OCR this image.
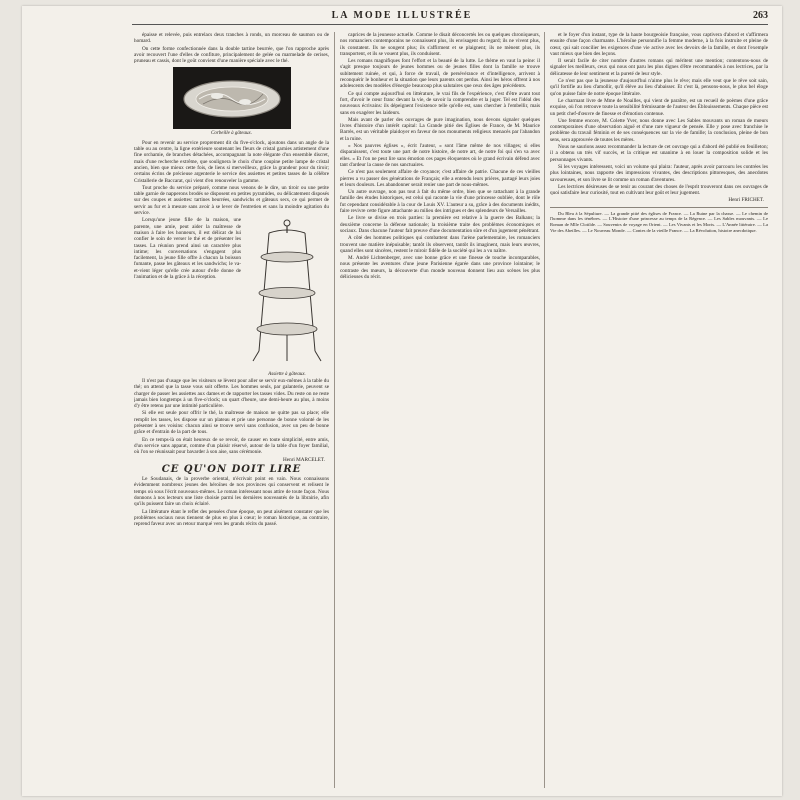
LA MODE ILLUSTRÉE	263

épaisse et relevée, puis entrelacs deux tranches à ronds, un morceau de saumon ou de homard.

On cette forme confectionnée dans la double tartine beurrée, que l'on rapproche après avoir recouvert l'une d'elles de confiture, principalement de gelée ou marmelade de cerises, pruneau et cassis, dont le goût convient d'une manière spéciale avec le thé.

Corbeille à gâteaux.

Pour en revenir au service proprement dit du five-o'clock, ajoutons dans un angle de la table ou au centre, la ligne extérieure soutenant les fleurs de cristal garnies artistement d'une fine orchamie, de branches détachées, accompagnant la note élégante d'un ensemble discret, mais d'une recherche extrême, que soulignera le choix d'une coupine petite lampe de cristal ancien, bien que mieux cette fois, de liens si merveilleux, grâce la grandeur pour du tiroir; certains écrins de précieuse argenterie le service des assiettes et petites tasses de la célèbre Cristallerie de Baccarat, qui vient d'en renouveler la gamme.

Tout proche du service préparé, comme nous venons de le dire, un tiroir ou une petite table garnie de napperons brodés se disposent en petites pyramides, ou délicatement disposés sur des coupes et assiettes: tartines beurrées, sandwichs et gâteaux secs, ce qui permet de servir au fur et à mesure sans avoir à se lever de l'entretien et sans la moindre agitation du service.

Lorsqu'une jeune fille de la maison, une parente, une amie, peut aider la maîtresse de maison à faire les honneurs, il est délicat de lui confier le soin de verser le thé et de présenter les tasses. La réunion prend ainsi un caractère plus intime; les conversations s'engagent plus facilement, la jeune fille offre à chacun la boisson fumante, passe les gâteaux et les sandwichs; le va-et-vient léger qu'elle crée autour d'elle donne de l'animation et de la grâce à la réception.

Assiette à gâteaux.

Il n'est pas d'usage que les visiteurs se lèvent pour aller se servir eux-mêmes à la table du thé; on attend que la tasse vous soit offerte. Les hommes seuls, par galanterie, peuvent se charger de passer les assiettes aux dames et de rapporter les tasses vides. Du reste on ne reste jamais bien longtemps à un five-o'clock; un quart d'heure, une demi-heure au plus, à moins d'y être retenu par une intimité particulière.

Si elle est seule pour offrir le thé, la maîtresse de maison ne quitte pas sa place; elle remplit les tasses, les dispose sur un plateau et prie une personne de bonne volonté de les présenter à ses voisins: chacun ainsi se trouve servi sans confusion, avec un peu de bonne grâce et d'entrain de la part de tous.

En ce temps-là on était heureux de se revoir, de causer en toute simplicité, entre amis, d'un service sans apparat, comme d'un plaisir réservé, autour de la table d'un foyer familial, où l'on se réunissait pour bavarder à son aise, sans cérémonie.

Henri MARCELET.
CE QU'ON DOIT LIRE

Le Soudanais, de la proverbe oriental, n'écrivait point en vain. Nous connaissons évidemment nombreux jeunes des héroïnes de nos provinces qui conservent et relisent le temps où sous l'écrit nouveaux-mêmes. Le roman intéressant nous attire de toute façon. Nous donnons à nos lecteurs une liste choisie parmi les dernières nouveautés de la librairie, afin qu'ils puissent faire un choix éclairé.

La littérature étant le reflet des pensées d'une époque, on peut aisément constater que les problèmes sociaux nous tiennent de plus en plus à cœur; le roman historique, au contraire, reprend faveur avec un retour marqué vers les grands récits du passé.

caprices de la jeunesse actuelle. Comme le disait déconcertés les ou quelques chroniqueurs, nos romanciers contemporains ne connaissent plus, ils envisagent du regard; ils ne vivent plus, ils constatent. Ils ne songent plus; ils s'affirment et se plaignent; ils ne mènent plus, ils transportent, et ils se vouent plus, ils conduisent.

Les romans magnifiques font l'effort et la beauté de la lutte. Le thème en vaut la peine: il s'agit presque toujours de jeunes hommes ou de jeunes filles dont la famille se trouve subitement ruinée, et qui, à force de travail, de persévérance et d'intelligence, arrivent à reconquérir le bonheur et la situation que leurs parents ont perdus. Ainsi les héros offrent à nos adolescents des modèles d'énergie beaucoup plus salutaires que ceux des âges précédents.

Ce qui compte aujourd'hui en littérature, le vrai fils de l'expérience, c'est d'être avant tout fort, d'avoir le cœur franc devant la vie, de savoir la comprendre et la juger. Tel est l'idéal des nouveaux écrivains: ils dépeignent l'existence telle qu'elle est, sans chercher à l'embellir, mais sans en exagérer les laideurs.

Mais avant de parler des ouvrages de pure imagination, nous devons signaler quelques livres d'histoire d'un intérêt capital: La Grande pitié des Églises de France, de M. Maurice Barrès, est un véritable plaidoyer en faveur de nos monuments religieux menacés par l'abandon et la ruine.

« Nos pauvres églises », écrit l'auteur, « sont l'âme même de nos villages; si elles disparaissent, c'est toute une part de notre histoire, de notre art, de notre foi qui s'en va avec elles. » Et l'on ne peut lire sans émotion ces pages éloquentes où le grand écrivain défend avec tant d'ardeur la cause de nos sanctuaires.

Ce n'est pas seulement affaire de croyance; c'est affaire de patrie. Chacune de ces vieilles pierres a vu passer des générations de Français; elle a entendu leurs prières, partagé leurs joies et leurs douleurs. Les abandonner serait renier une part de nous-mêmes.

Un autre ouvrage, non pas tout à fait du même ordre, bien que se rattachant à la grande famille des études historiques, est celui qui raconte la vie d'une princesse oubliée, dont le rôle fut cependant considérable à la cour de Louis XV. L'auteur a su, grâce à des documents inédits, faire revivre cette figure attachante au milieu des intrigues et des splendeurs de Versailles.

Le livre se divise en trois parties: la première est relative à la guerre des Balkans; la deuxième concerne la défense nationale; la troisième traite des problèmes économiques et sociaux. Dans chacune l'auteur fait preuve d'une documentation sûre et d'un jugement pénétrant.

A côté des hommes politiques qui combattent dans l'arène parlementaire, les romanciers trouvent une matière inépuisable; tantôt ils observent, tantôt ils imaginent, mais leurs œuvres, quand elles sont sincères, restent le miroir fidèle de la société qui les a vu naître.

M. André Lichtenberger, avec une bonne grâce et une finesse de touche incomparables, nous présente les aventures d'une jeune Parisienne égarée dans une province lointaine; le contraste des mœurs, la découverte d'un monde nouveau donnent lieu aux scènes les plus délicieuses du récit.

et le foyer d'un instant, type de la haute bourgeoisie française, vous captivera d'abord et s'affirmera ensuite d'une façon charmante. L'héroïne personnifie la femme moderne, à la fois instruite et pleine de cœur, qui sait concilier les exigences d'une vie active avec les devoirs de la famille, et dont l'exemple vaut mieux que bien des leçons.

Il serait facile de citer nombre d'autres romans qui méritent une mention; contentons-nous de signaler les meilleurs, ceux qui nous ont paru les plus dignes d'être recommandés à nos lectrices, par la délicatesse de leur sentiment et la pureté de leur style.

Ce n'est pas que la jeunesse d'aujourd'hui n'aime plus le rêve; mais elle veut que le rêve soit sain, qu'il fortifie au lieu d'amollir, qu'il élève au lieu d'abaisser. Et c'est là, pensons-nous, le plus bel éloge qu'on puisse faire de notre époque littéraire.

Le charmant livre de Mme de Noailles, qui vient de paraître, est un recueil de poèmes d'une grâce exquise, où l'on retrouve toute la sensibilité frémissante de l'auteur des Éblouissements. Chaque pièce est un petit chef-d'œuvre de finesse et d'émotion contenue.

Une femme encore, M. Colette Yver, nous donne avec Les Sables mouvants un roman de mœurs contemporaines d'une observation aiguë et d'une rare vigueur de pensée. Elle y pose avec franchise le problème du travail féminin et de ses conséquences sur la vie de famille; la conclusion, pleine de bon sens, sera approuvée de toutes les mères.

Nous ne saurions assez recommander la lecture de cet ouvrage qui a d'abord été publié en feuilleton; il a obtenu un très vif succès, et la critique est unanime à en louer la composition solide et les personnages vivants.

Si les voyages intéressent, voici un volume qui plaira: l'auteur, après avoir parcouru les contrées les plus lointaines, nous rapporte des impressions vivantes, des descriptions pittoresques, des anecdotes savoureuses, et son livre se lit comme un roman d'aventures.

Les lectrices désireuses de se tenir au courant des choses de l'esprit trouveront dans ces ouvrages de quoi satisfaire leur curiosité, tout en cultivant leur goût et leur jugement.

Henri FRICHET.

Du Bleu à la Sépulture. — La grande pitié des églises de France. — La Ruine par la chasse. — Le chemin de l'homme dans les ténèbres. — L'Histoire d'une princesse au temps de la Régence. — Les Sables mouvants. — Le Roman de Mlle Clotilde. — Souvenirs de voyage en Orient. — Les Vivants et les Morts. — L'Année littéraire. — La Vie des Abeilles. — Le Nouveau Monde. — Contes de la vieille France. — La Révolution, histoire anecdotique.
